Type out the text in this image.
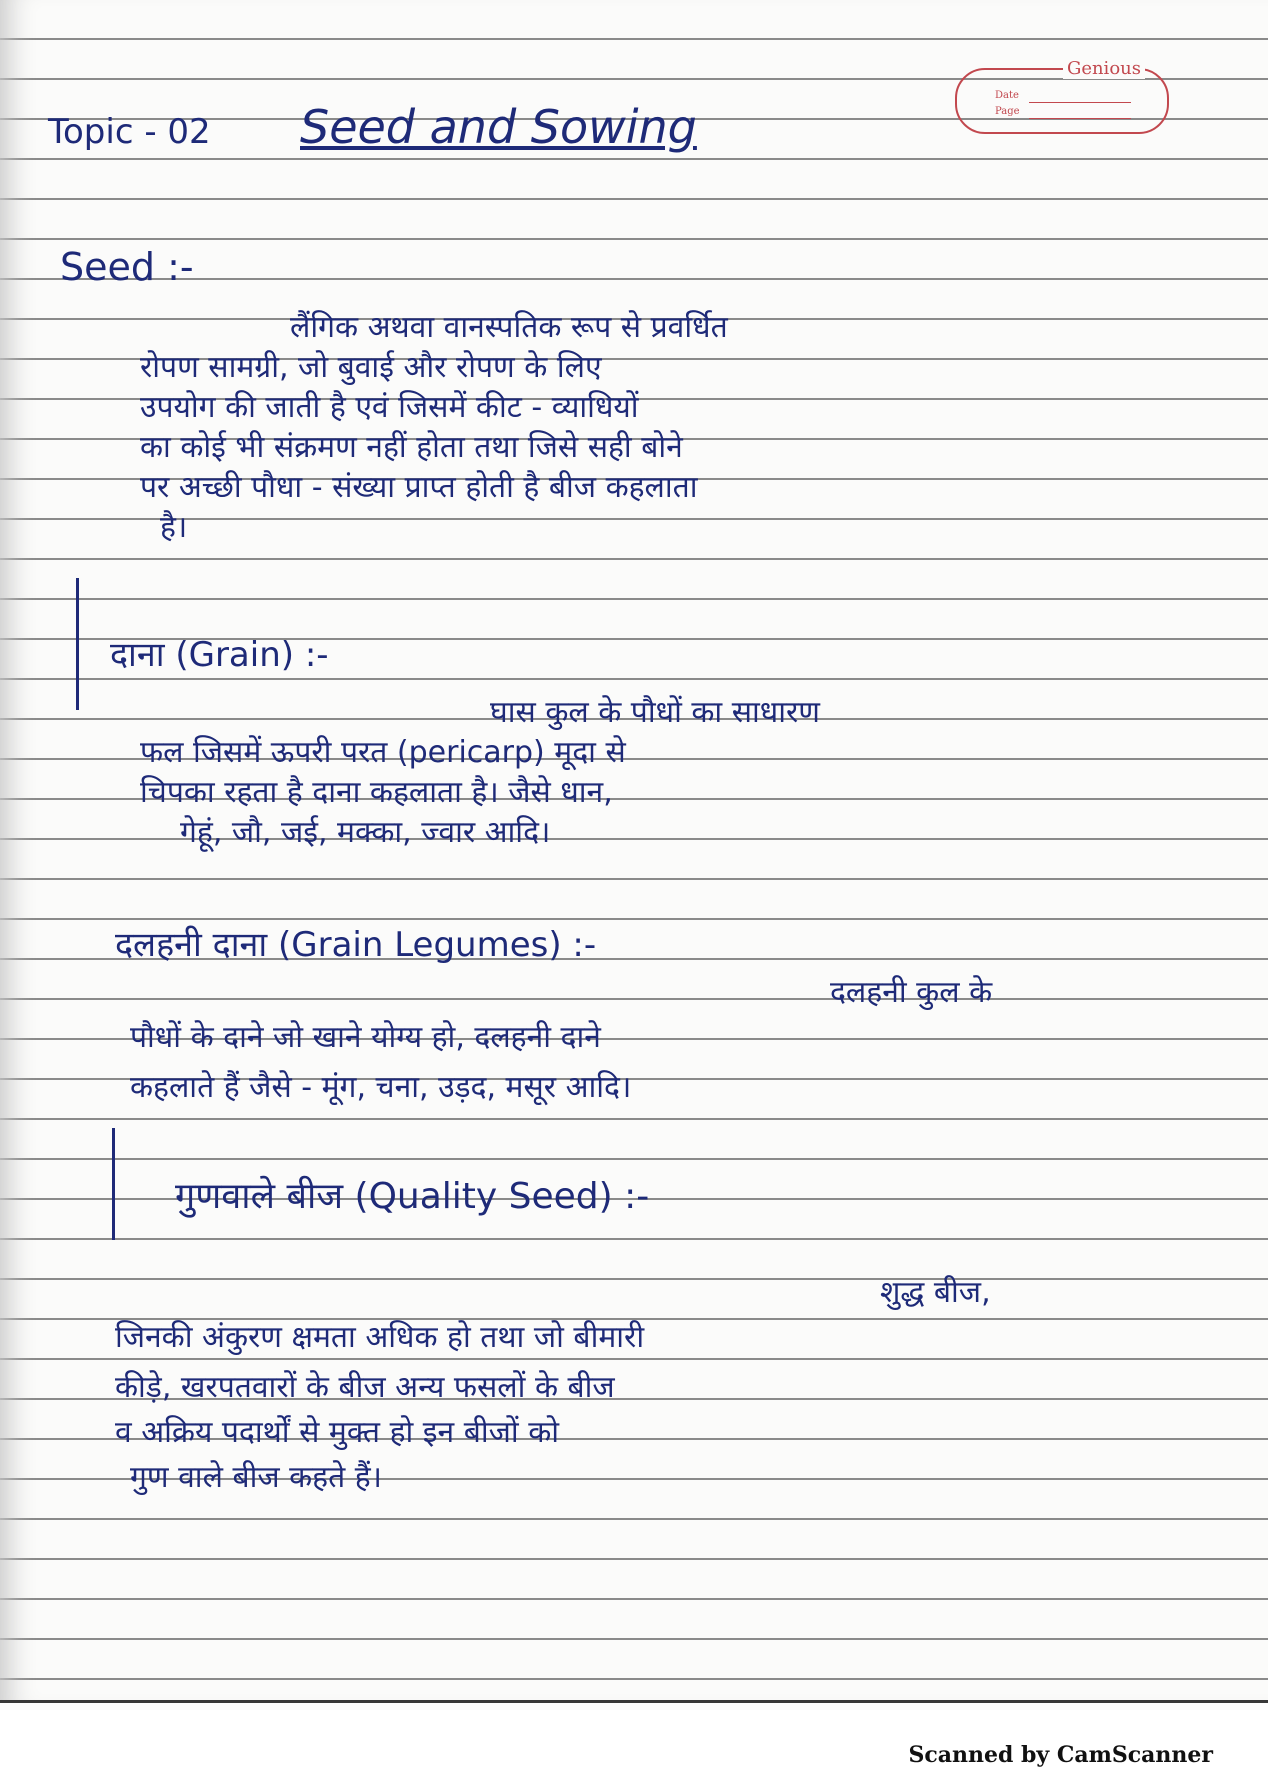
Genious
Date
Page
Topic - 02 Seed and Sowing
Seed :-
लैंगिक अथवा वानस्पतिक रूप से प्रवर्धित
रोपण सामग्री, जो बुवाई और रोपण के लिए
उपयोग की जाती है एवं जिसमें कीट - व्याधियों
का कोई भी संक्रमण नहीं होता तथा जिसे सही बोने
पर अच्छी पौधा - संख्या प्राप्त होती है बीज कहलाता
है।
दाना (Grain) :-
घास कुल के पौधों का साधारण
फल जिसमें ऊपरी परत (pericarp) मूदा से
चिपका रहता है दाना कहलाता है। जैसे धान,
गेहूं, जौ, जई, मक्का, ज्वार आदि।
दलहनी दाना (Grain Legumes) :-
दलहनी कुल के
पौधों के दाने जो खाने योग्य हो, दलहनी दाने
कहलाते हैं जैसे - मूंग, चना, उड़द, मसूर आदि।
गुणवाले बीज (Quality Seed) :-
शुद्ध बीज,
जिनकी अंकुरण क्षमता अधिक हो तथा जो बीमारी
कीड़े, खरपतवारों के बीज अन्य फसलों के बीज
व अक्रिय पदार्थों से मुक्त हो इन बीजों को
गुण वाले बीज कहते हैं।
Scanned by CamScanner
